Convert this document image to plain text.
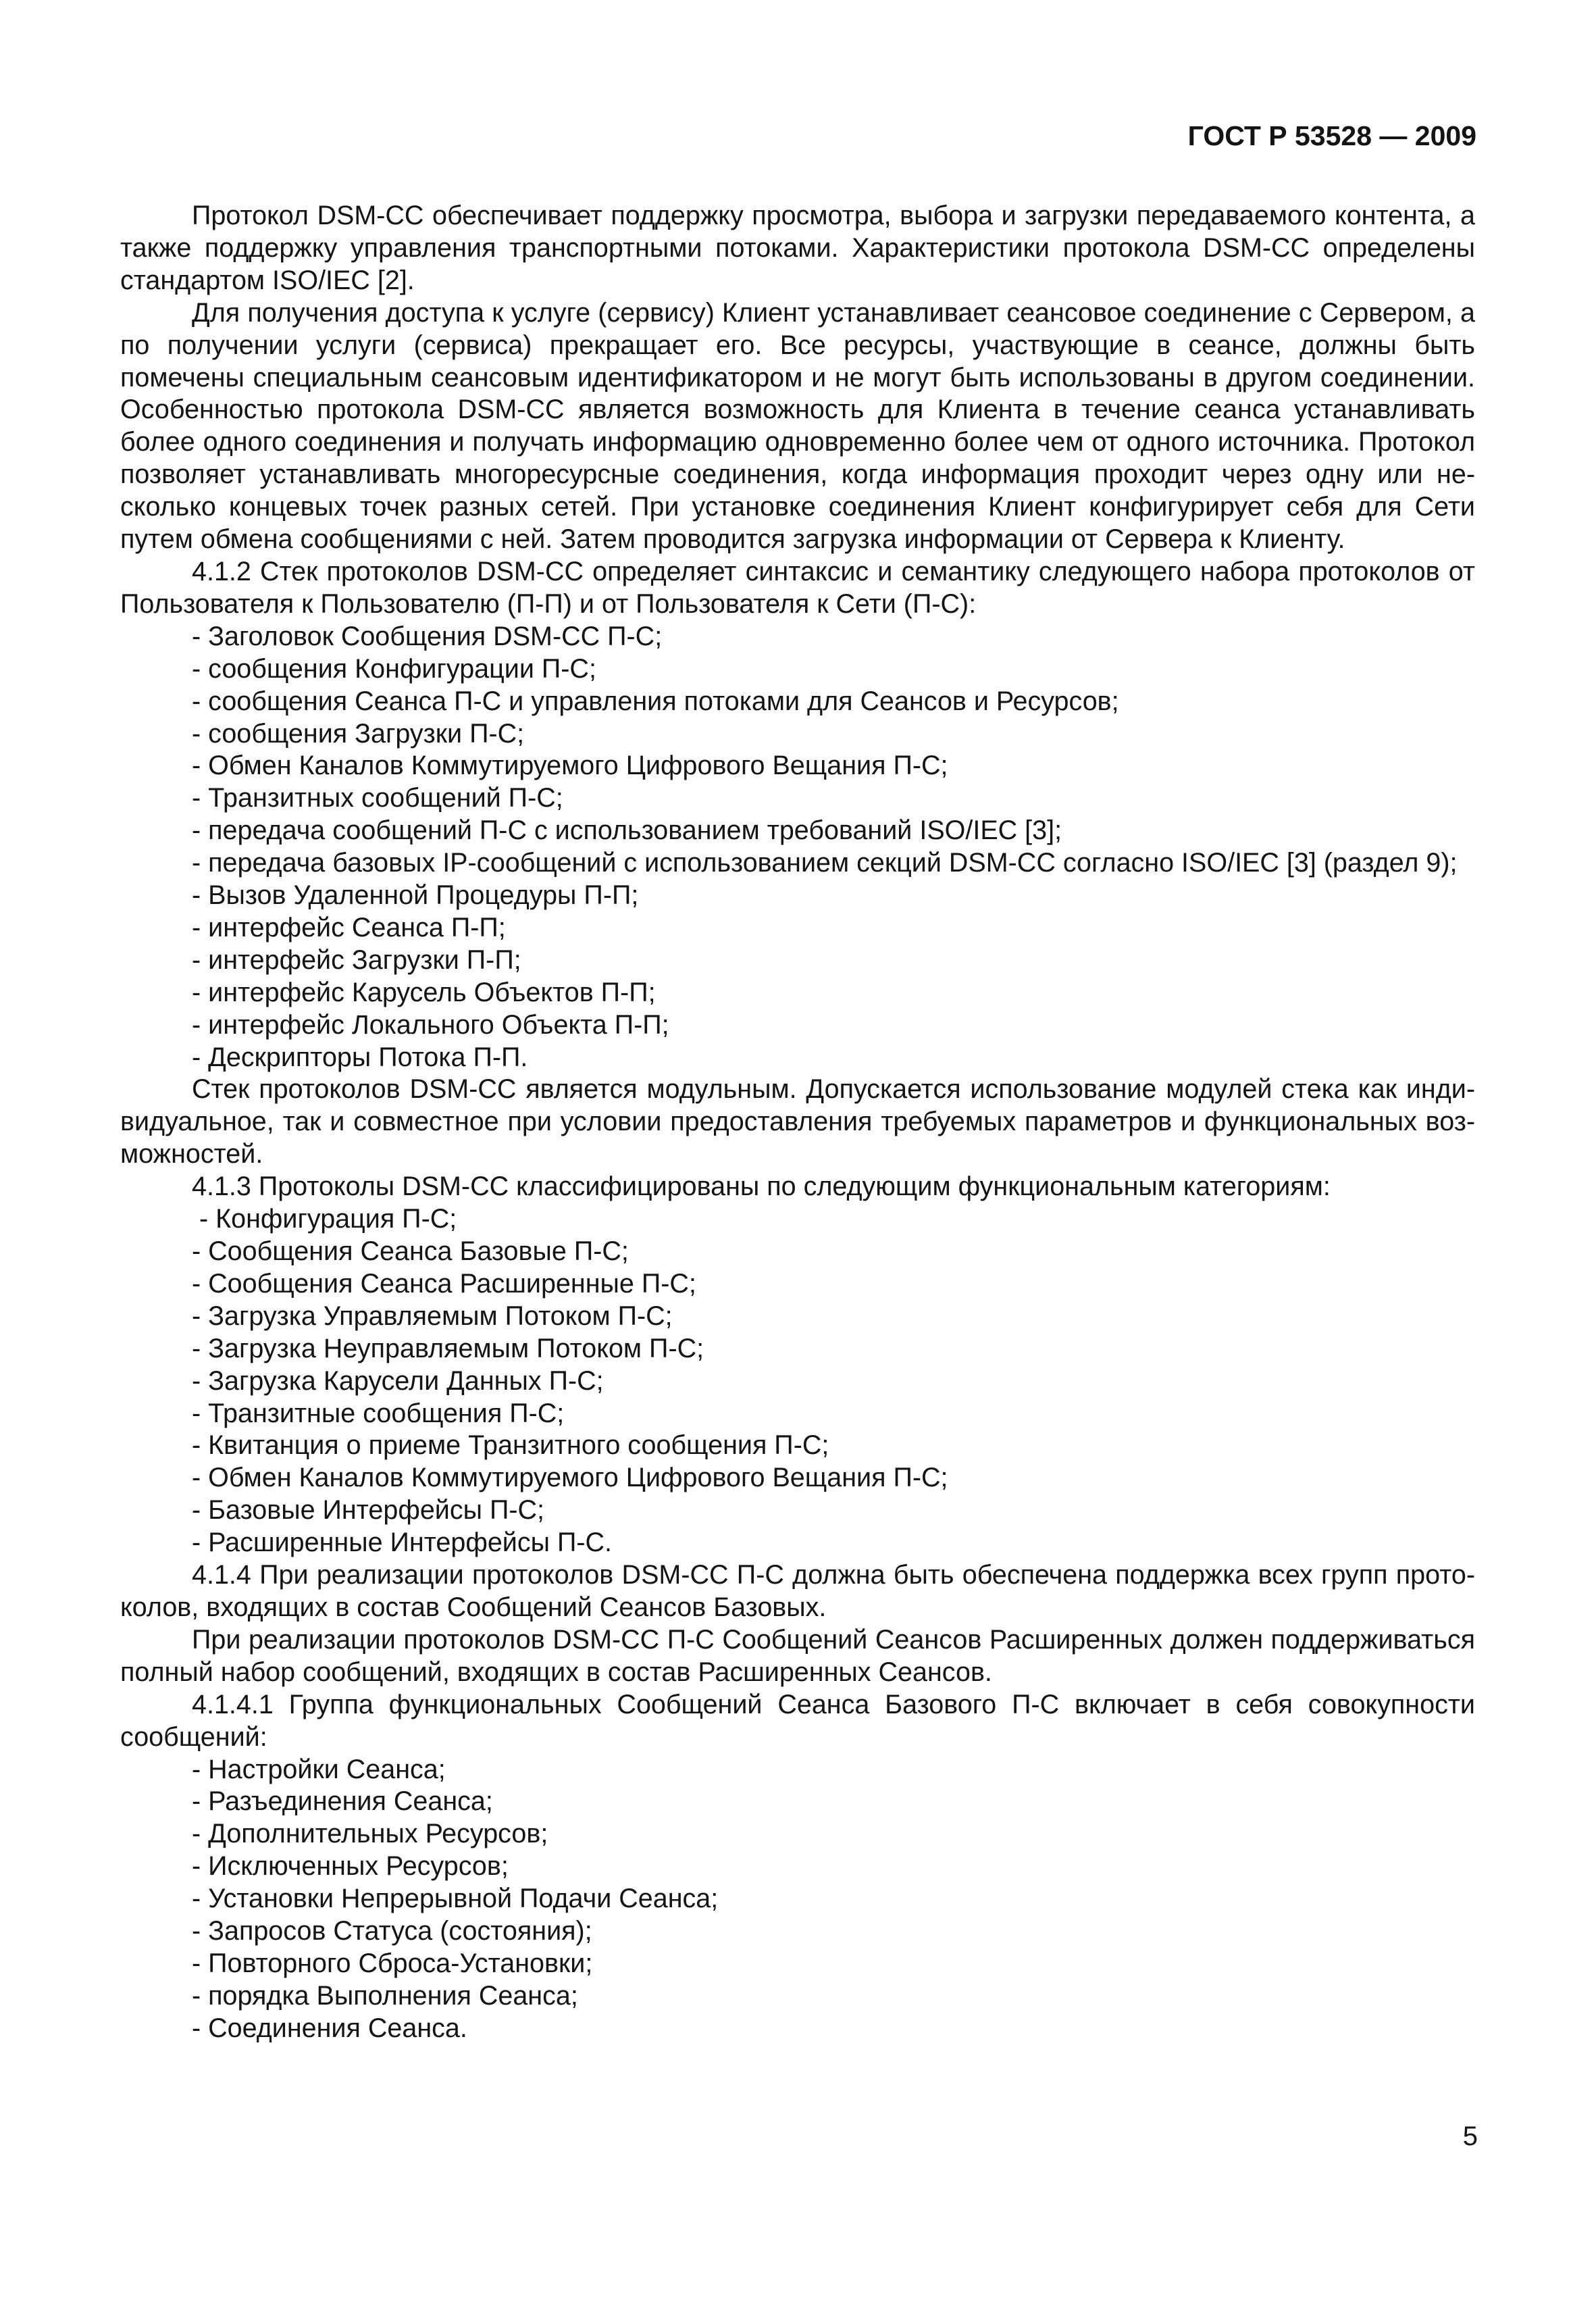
ГОСТ Р 53528 — 2009

Протокол DSM-CC обеспечивает поддержку просмотра, выбора и загрузки передаваемого контента, а также поддержку управления транспортными потоками. Характеристики протокола DSM-CC определены стандартом ISO/IEC [2].

Для получения доступа к услуге (сервису) Клиент устанавливает сеансовое соединение с Сервером, а по получении услуги (сервиса) прекращает его. Все ресурсы, участвующие в сеансе, должны быть помечены специальным сеансовым идентификатором и не могут быть использованы в другом соединении. Особенностью протокола DSM-CC является возможность для Клиента в течение сеанса устанавливать более одного соединения и получать информацию одновременно более чем от одного источника. Протокол позволяет устанавливать многоресурсные соединения, когда информация проходит через одну или несколько концевых точек разных сетей. При установке соединения Клиент конфигурирует себя для Сети путем обмена сообщениями с ней. Затем проводится загрузка информации от Сервера к Клиенту.

4.1.2 Стек протоколов DSM-CC определяет синтаксис и семантику следующего набора протоколов от Пользователя к Пользователю (П-П) и от Пользователя к Сети (П-С):

- Заголовок Сообщения DSM-CC П-С;
- сообщения Конфигурации П-С;
- сообщения Сеанса П-С и управления потоками для Сеансов и Ресурсов;
- сообщения Загрузки П-С;
- Обмен Каналов Коммутируемого Цифрового Вещания П-С;
- Транзитных сообщений П-С;
- передача сообщений П-С с использованием требований ISO/IEC [3];
- передача базовых IP-сообщений с использованием секций DSM-CC согласно ISO/IEC [3] (раздел 9);
- Вызов Удаленной Процедуры П-П;
- интерфейс Сеанса П-П;
- интерфейс Загрузки П-П;
- интерфейс Карусель Объектов П-П;
- интерфейс Локального Объекта П-П;
- Дескрипторы Потока П-П.

Стек протоколов DSM-CC является модульным. Допускается использование модулей стека как индивидуальное, так и совместное при условии предоставления требуемых параметров и функциональных возможностей.

4.1.3 Протоколы DSM-CC классифицированы по следующим функциональным категориям:

- Конфигурация П-С;
- Сообщения Сеанса Базовые П-С;
- Сообщения Сеанса Расширенные П-С;
- Загрузка Управляемым Потоком П-С;
- Загрузка Неуправляемым Потоком П-С;
- Загрузка Карусели Данных П-С;
- Транзитные сообщения П-С;
- Квитанция о приеме Транзитного сообщения П-С;
- Обмен Каналов Коммутируемого Цифрового Вещания П-С;
- Базовые Интерфейсы П-С;
- Расширенные Интерфейсы П-С.

4.1.4 При реализации протоколов DSM-CC П-С должна быть обеспечена поддержка всех групп протоколов, входящих в состав Сообщений Сеансов Базовых.

При реализации протоколов DSM-CC П-С Сообщений Сеансов Расширенных должен поддерживаться полный набор сообщений, входящих в состав Расширенных Сеансов.

4.1.4.1 Группа функциональных Сообщений Сеанса Базового П-С включает в себя совокупности сообщений:

- Настройки Сеанса;
- Разъединения Сеанса;
- Дополнительных Ресурсов;
- Исключенных Ресурсов;
- Установки Непрерывной Подачи Сеанса;
- Запросов Статуса (состояния);
- Повторного Сброса-Установки;
- порядка Выполнения Сеанса;
- Соединения Сеанса.
5
